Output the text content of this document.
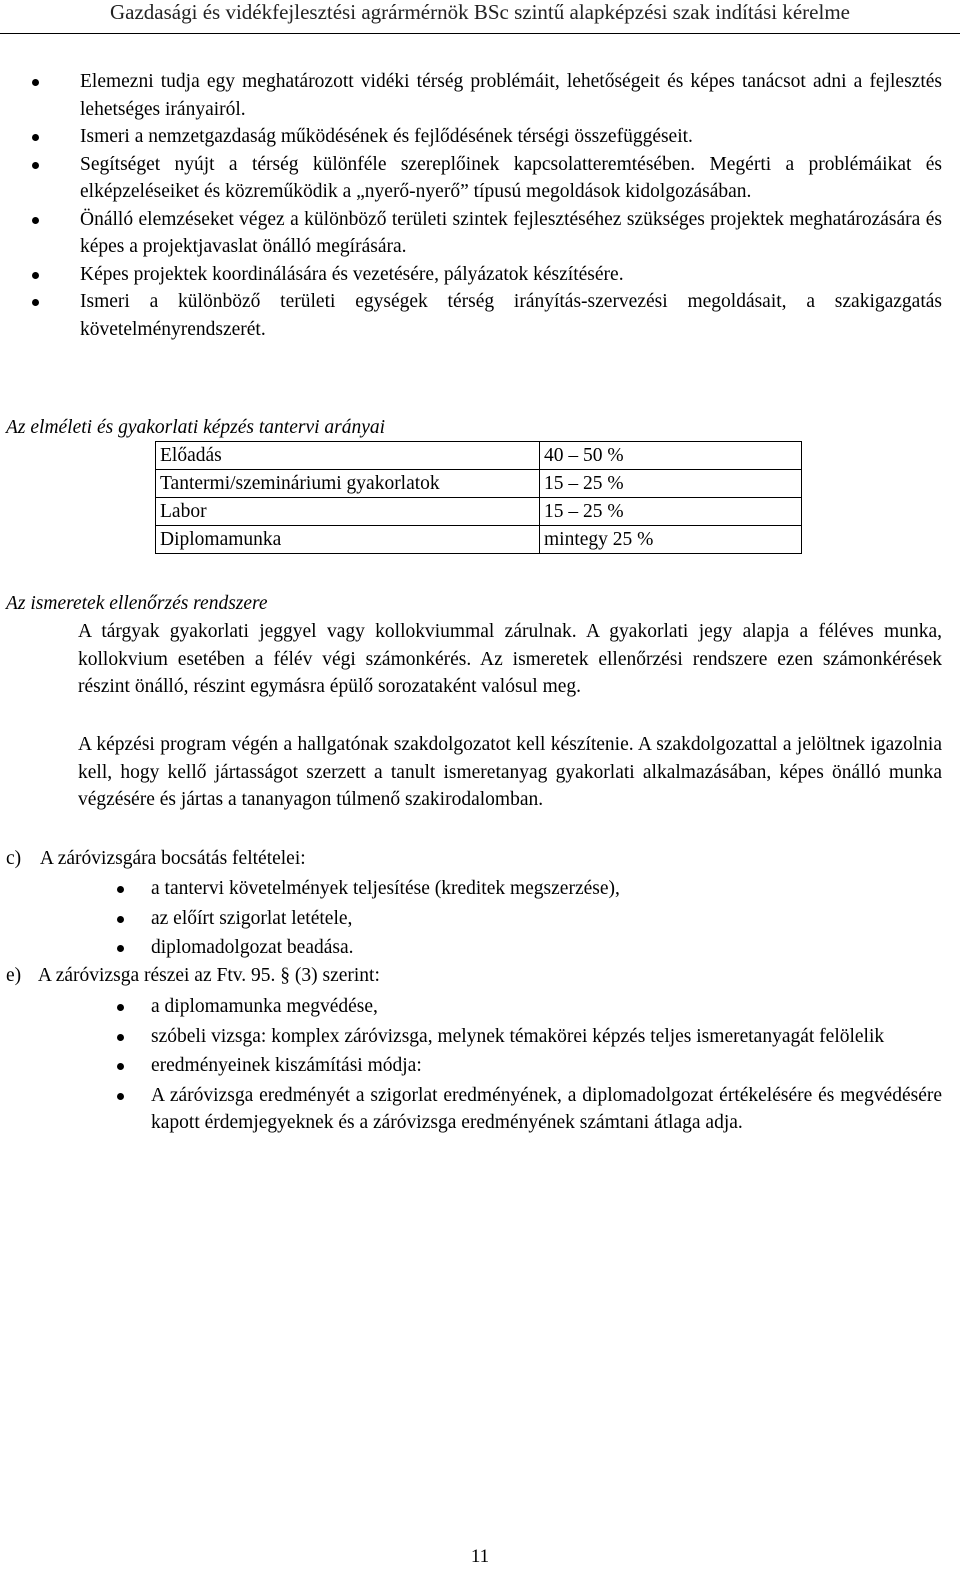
Gazdasági és vidékfejlesztési agrármérnök BSc szintű alapképzési szak indítási kérelme
Elemezni tudja egy meghatározott vidéki térség problémáit, lehetőségeit és képes tanácsot adni a fejlesztés lehetséges irányairól.
Ismeri a nemzetgazdaság működésének és fejlődésének térségi összefüggéseit.
Segítséget nyújt a térség különféle szereplőinek kapcsolatteremtésében. Megérti a problémáikat és elképzeléseiket és közreműködik a „nyerő-nyerő” típusú megoldások kidolgozásában.
Önálló elemzéseket végez a különböző területi szintek fejlesztéséhez szükséges projektek meghatározására és képes a projektjavaslat önálló megírására.
Képes projektek koordinálására és vezetésére, pályázatok készítésére.
Ismeri a különböző területi egységek térség irányítás-szervezési megoldásait, a szakigazgatás követelményrendszerét.
Az elméleti és gyakorlati képzés tantervi arányai
Előadás	40 – 50 %
Tantermi/szemináriumi gyakorlatok	15 – 25 %
Labor	15 – 25 %
Diplomamunka	mintegy 25 %
Az ismeretek ellenőrzés rendszere
A tárgyak gyakorlati jeggyel vagy kollokviummal zárulnak. A gyakorlati jegy alapja a féléves munka, kollokvium esetében a félév végi számonkérés. Az ismeretek ellenőrzési rendszere ezen számonkérések részint önálló, részint egymásra épülő sorozataként valósul meg.
A képzési program végén a hallgatónak szakdolgozatot kell készítenie. A szakdolgozattal a jelöltnek igazolnia kell, hogy kellő jártasságot szerzett a tanult ismeretanyag gyakorlati alkalmazásában, képes önálló munka végzésére és jártas a tananyagon túlmenő szakirodalomban.
c) A záróvizsgára bocsátás feltételei:
a tantervi követelmények teljesítése (kreditek megszerzése),
az előírt szigorlat letétele,
diplomadolgozat beadása.
e) A záróvizsga részei az Ftv. 95. § (3) szerint:
a diplomamunka megvédése,
szóbeli vizsga: komplex záróvizsga, melynek témakörei képzés teljes ismeretanyagát felölelik
eredményeinek kiszámítási módja:
A záróvizsga eredményét a szigorlat eredményének, a diplomadolgozat értékelésére és megvédésére kapott érdemjegyeknek és a záróvizsga eredményének számtani átlaga adja.
11
